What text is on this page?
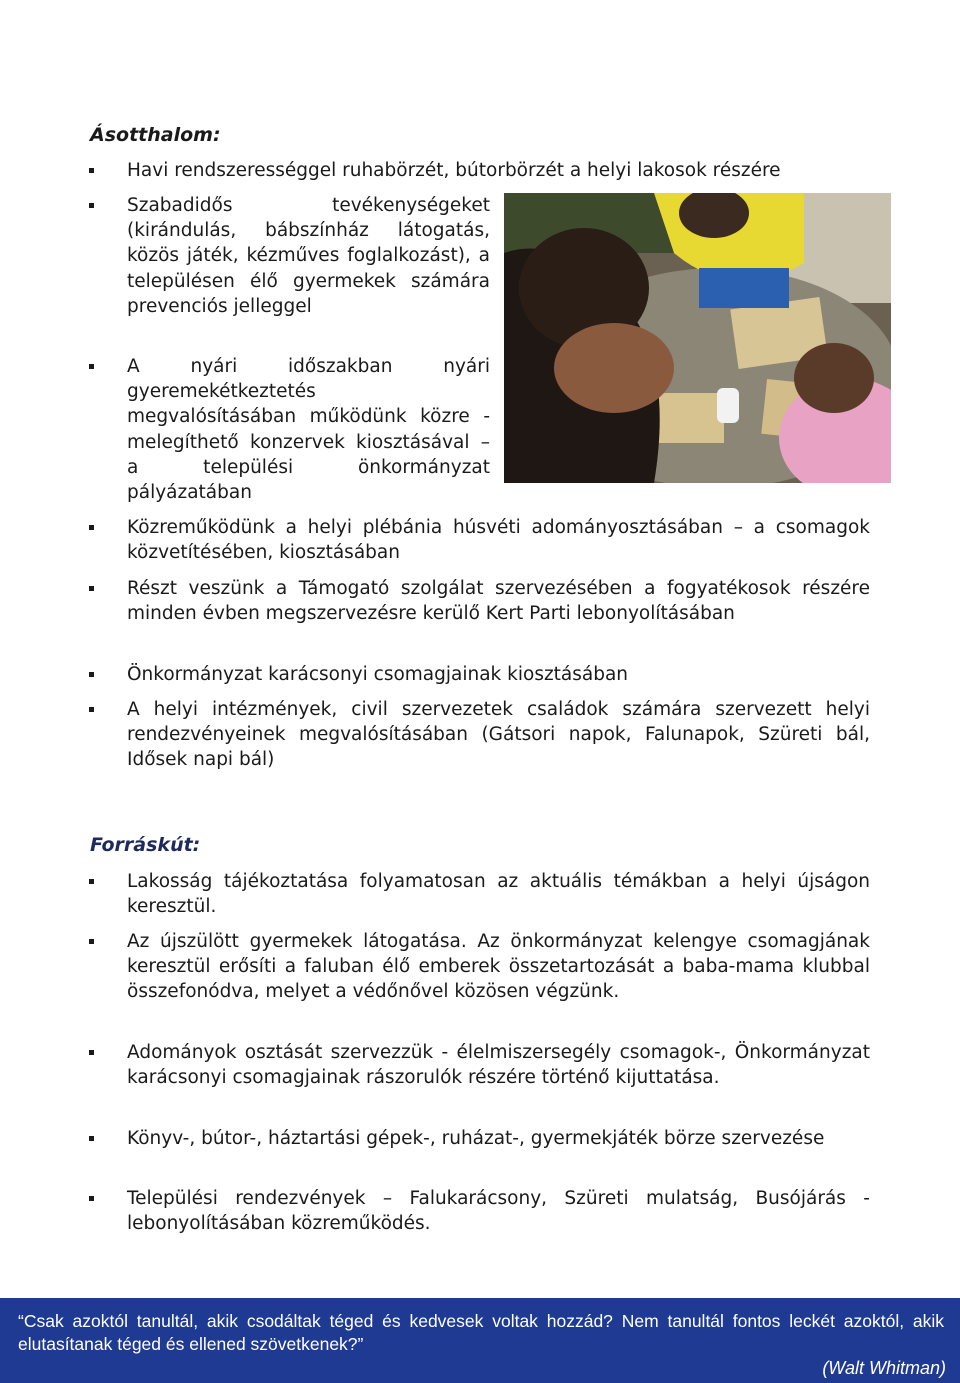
Ásotthalom:
Havi rendszerességgel ruhabörzét, bútorbörzét a helyi lakosok részére
Szabadidős tevékenységeket (kirándulás, bábszínház látogatás, közös játék, kézműves foglalkozást), a településen élő gyermekek számára prevenciós jelleggel
A nyári időszakban nyári gyeremekétkeztetés megvalósításában működünk közre - melegíthető konzervek kiosztásával – a települési önkormányzat pályázatában
Közreműködünk a helyi plébánia húsvéti adományosztásában – a csomagok közvetítésében, kiosztásában
Részt veszünk a Támogató szolgálat szervezésében a fogyatékosok részére minden évben megszervezésre kerülő Kert Parti lebonyolításában
Önkormányzat karácsonyi csomagjainak kiosztásában
A helyi intézmények, civil szervezetek családok számára szervezett helyi rendezvényeinek megvalósításában (Gátsori napok, Falunapok, Szüreti bál, Idősek napi bál)
Forráskút:
Lakosság tájékoztatása folyamatosan az aktuális témákban a helyi újságon keresztül.
Az újszülött gyermekek látogatása. Az önkormányzat kelengye csomagjának keresztül erősíti a faluban élő emberek összetartozását a baba-mama klubbal összefonódva, melyet a védőnővel közösen végzünk.
Adományok osztását szervezzük - élelmiszersegély csomagok-, Önkormányzat karácsonyi csomagjainak rászorulók részére történő kijuttatása.
Könyv-, bútor-, háztartási gépek-, ruházat-, gyermekjáték börze szervezése
Települési rendezvények – Falukarácsony, Szüreti mulatság, Busójárás - lebonyolításában közreműködés.
“Csak azoktól tanultál, akik csodáltak téged és kedvesek voltak hozzád? Nem tanultál fontos leckét azoktól, akik elutasítanak téged és ellened szövetkenek?”
(Walt Whitman)
